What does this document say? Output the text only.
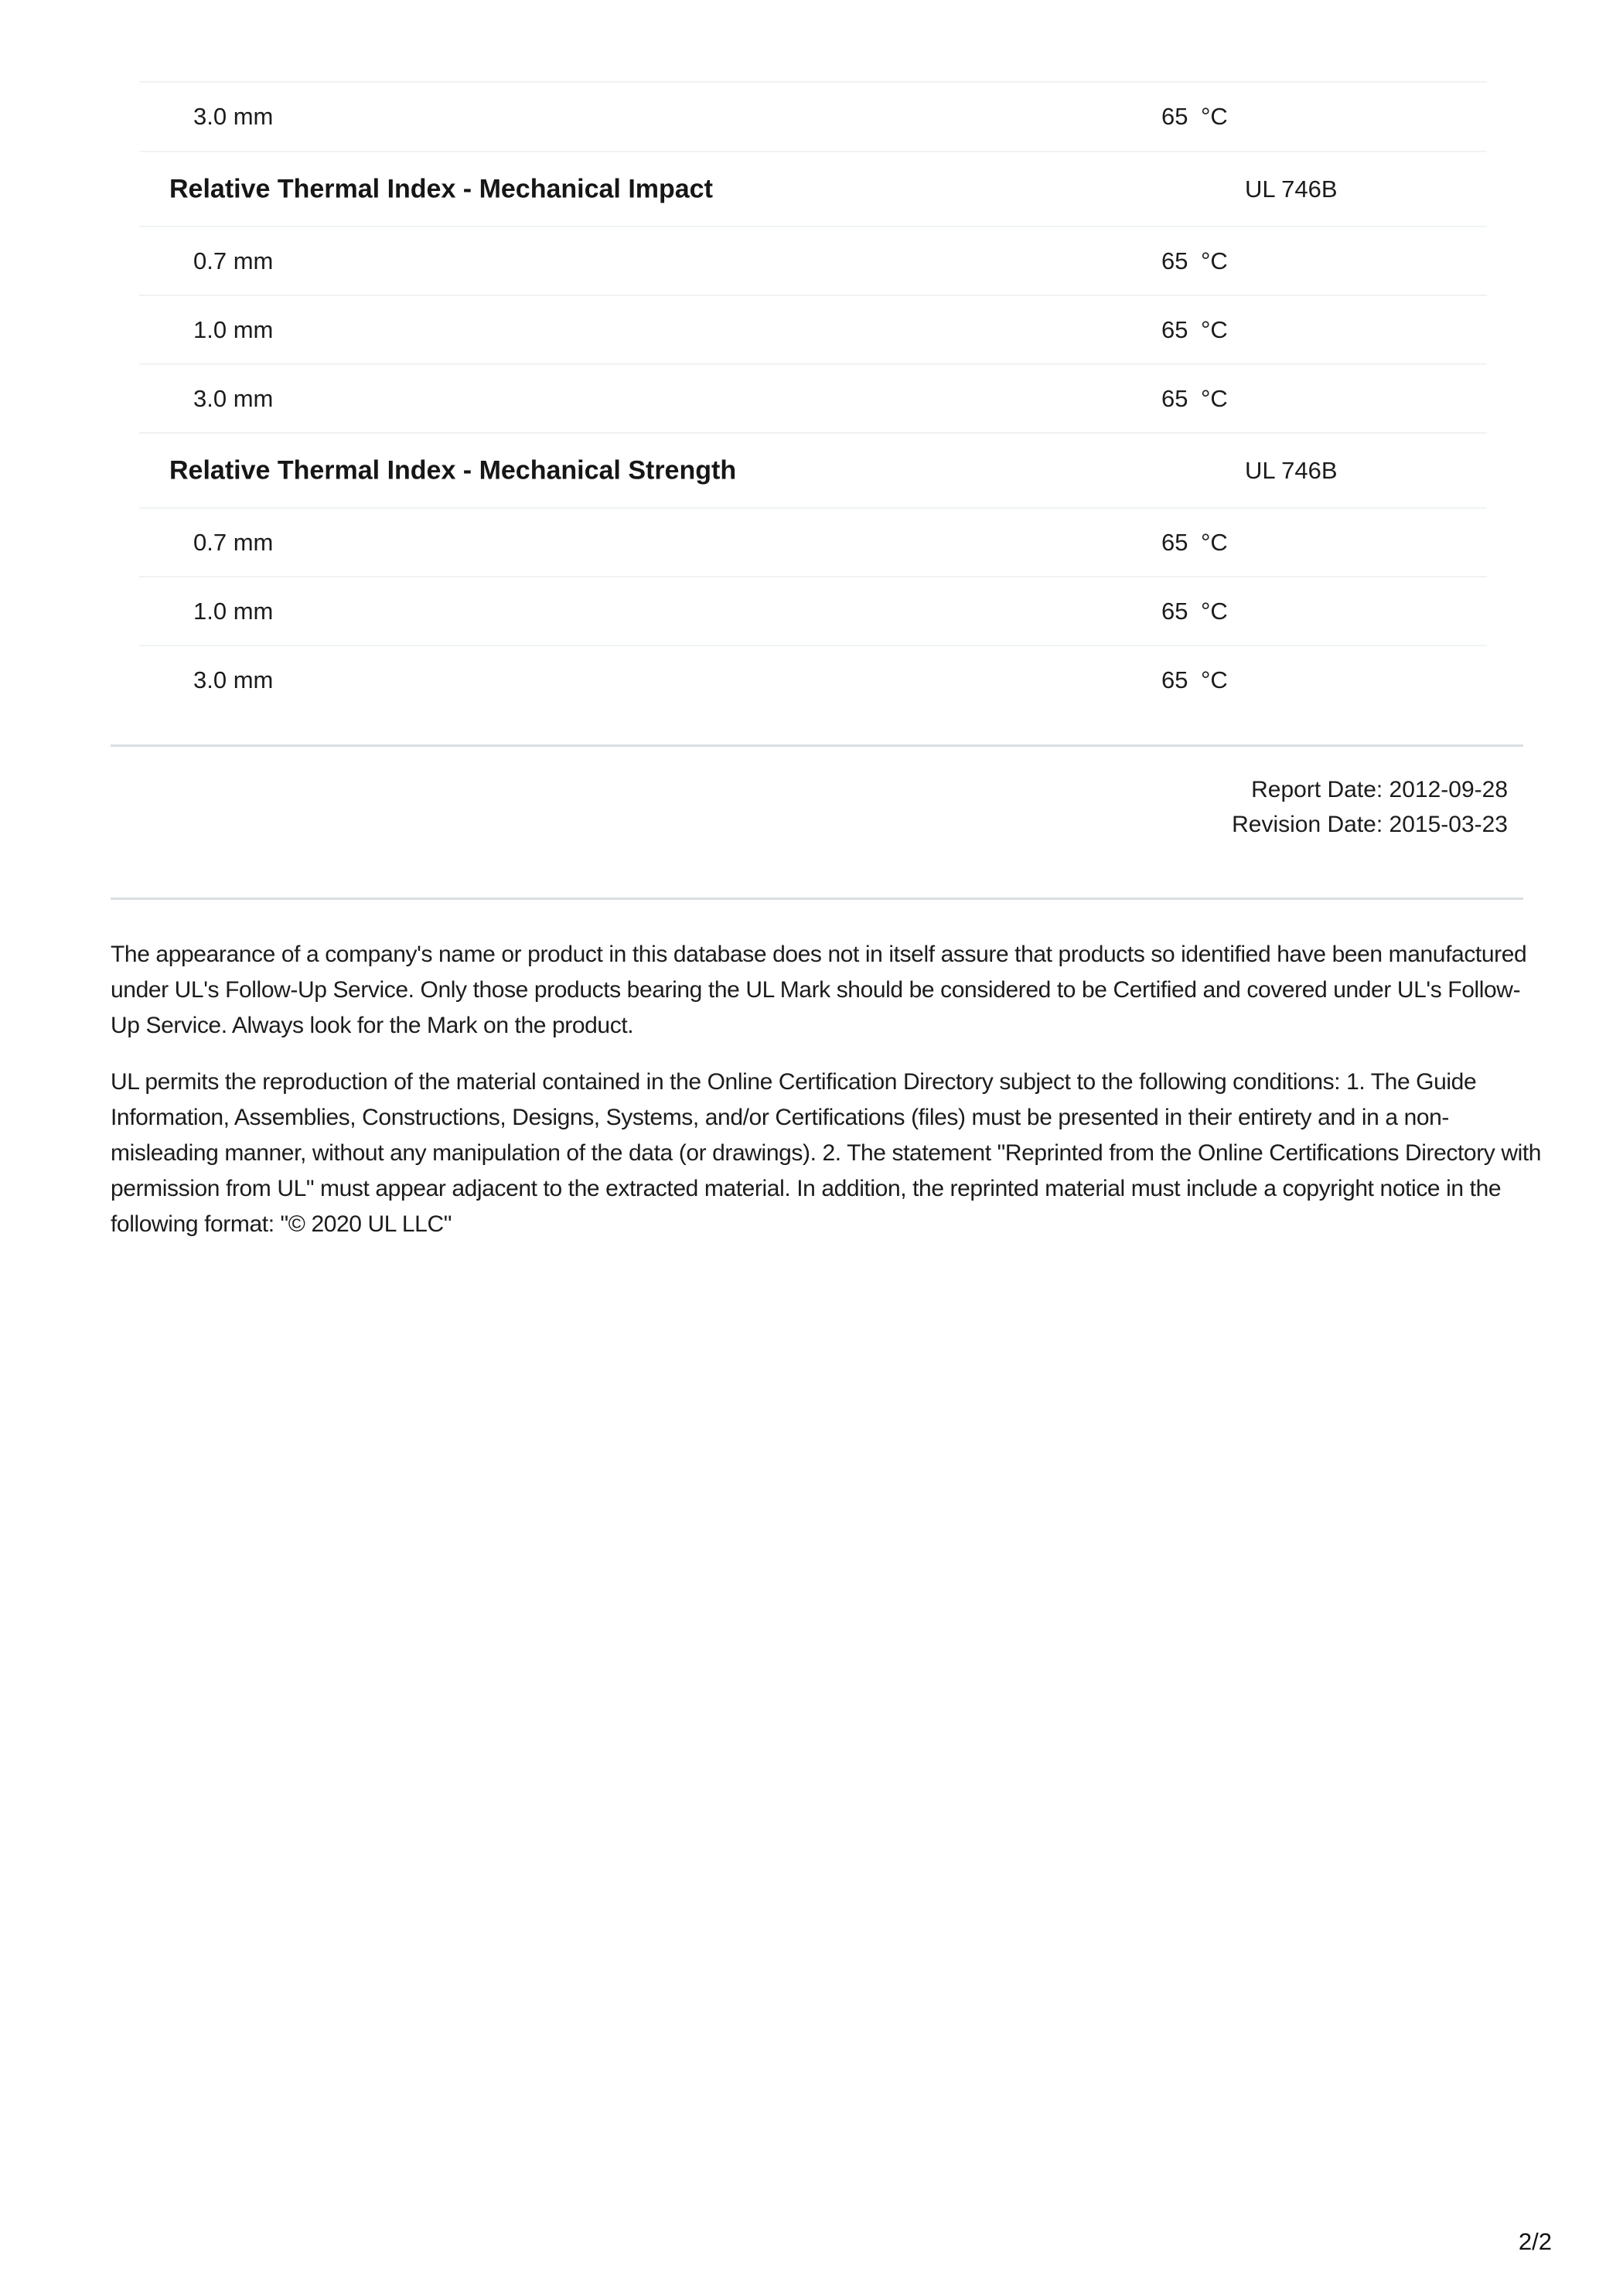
3.0 mm	65 °C
Relative Thermal Index - Mechanical Impact	UL 746B
0.7 mm	65 °C
1.0 mm	65 °C
3.0 mm	65 °C
Relative Thermal Index - Mechanical Strength	UL 746B
0.7 mm	65 °C
1.0 mm	65 °C
3.0 mm	65 °C
Report Date: 2012-09-28
Revision Date: 2015-03-23

The appearance of a company's name or product in this database does not in itself assure that products so identified have been manufactured under UL's Follow-Up Service. Only those products bearing the UL Mark should be considered to be Certified and covered under UL's Follow-Up Service. Always look for the Mark on the product.

UL permits the reproduction of the material contained in the Online Certification Directory subject to the following conditions: 1. The Guide Information, Assemblies, Constructions, Designs, Systems, and/or Certifications (files) must be presented in their entirety and in a non-misleading manner, without any manipulation of the data (or drawings). 2. The statement "Reprinted from the Online Certifications Directory with permission from UL" must appear adjacent to the extracted material. In addition, the reprinted material must include a copyright notice in the following format: "© 2020 UL LLC"

2/2
